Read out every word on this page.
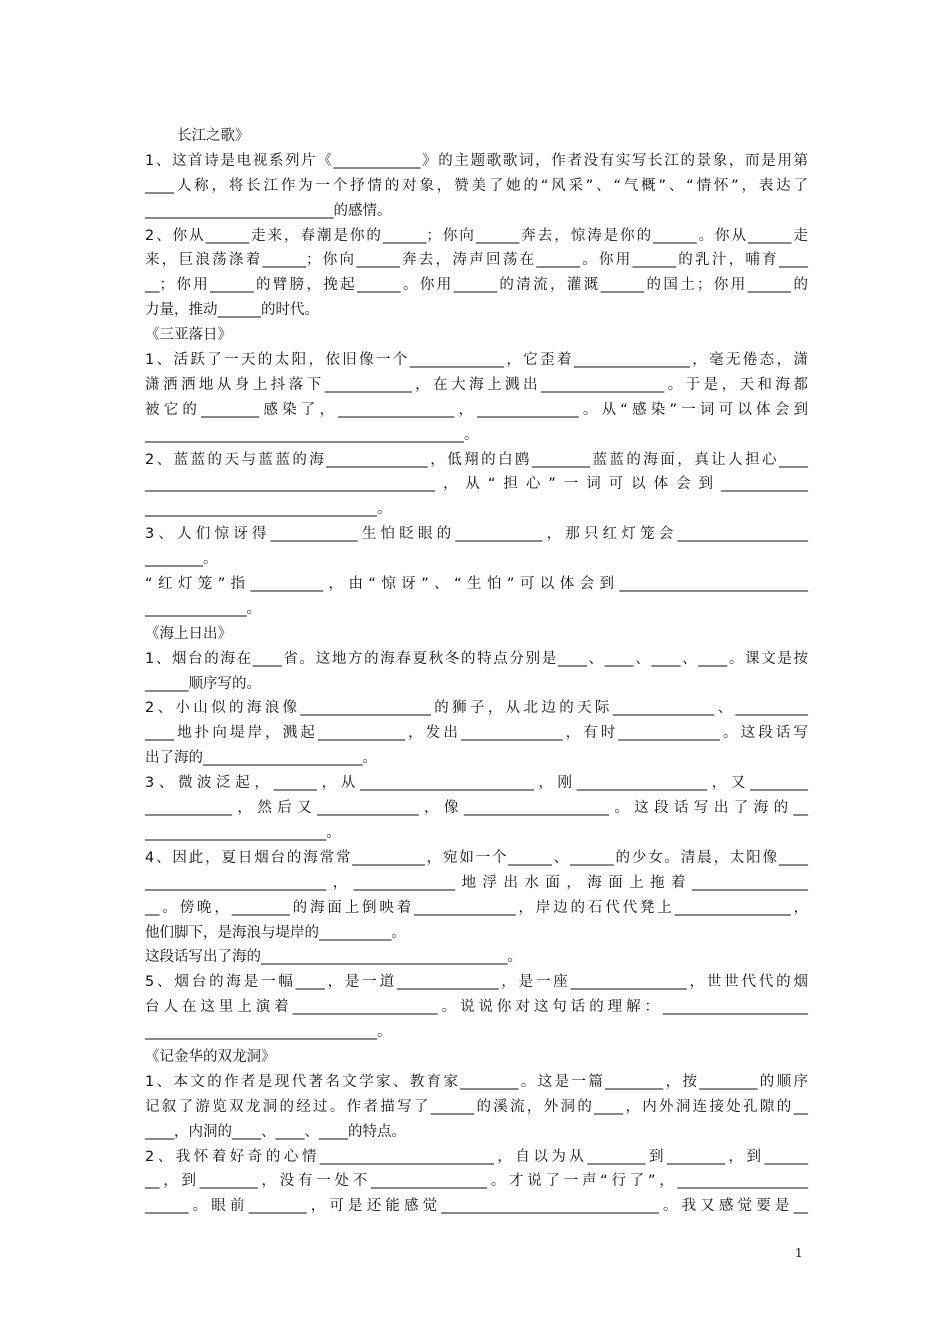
长江之歌》
1、这首诗是电视系列片《____________》的主题歌歌词，作者没有实写长江的景象，而是用第
____人称，将长江作为一个抒情的对象，赞美了她的“风采”、“气概”、“情怀”，表达了
__________________________的感情。
2、你从______走来，春潮是你的______；你向______奔去，惊涛是你的______。你从______走
来，巨浪荡涤着______；你向______奔去，涛声回荡在______。你用______的乳汁，哺育____
__；你用______的臂膀，挽起______。你用______的清流，灌溉______的国土；你用______的
力量，推动______的时代。
《三亚落日》
1、活跃了一天的太阳，依旧像一个_____________，它歪着________________，毫无倦态，潇
潇洒洒地从身上抖落下____________，在大海上溅出_________________。于是，天和海都
被它的________感染了，________________，______________。从“感染”一词可以体会到
____________________________________________。
2、蓝蓝的天与蓝蓝的海______________，低翔的白鸥________蓝蓝的海面，真让人担心____
________________________________________，从“担心”一词可以体会到____________
________________________________。
3、人们惊讶得____________生怕眨眼的____________，那只红灯笼会__________________
________。
“红灯笼”指__________，由“惊讶”、“生怕”可以体会到__________________________
______________。
《海上日出》
1、烟台的海在____省。这地方的海春夏秋冬的特点分别是____、____、____、____。课文是按
______顺序写的。
2、小山似的海浪像__________________的狮子，从北边的天际______________、__________
____地扑向堤岸，溅起____________，发出______________，有时______________。这段话写
出了海的______________________。
3、微波泛起，______，从________________________，刚__________________，又________
____________，然后又______________，像____________________。这段话写出了海的__
_________________________。
4、因此，夏日烟台的海常常__________，宛如一个______、______的少女。清晨，太阳像____
_________________________，______________地浮出水面，海面上拖着________________
__。傍晚，________的海面上倒映着______________，岸边的石代代凳上________________，
他们脚下，是海浪与堤岸的__________。
这段话写出了海的__________________________________。
5、烟台的海是一幅____，是一道______________，是一座________________，世世代代的烟
台人在这里上演着____________________。说说你对这句话的理解：____________________
________________________________。
《记金华的双龙洞》
1、本文的作者是现代著名文学家、教育家________。这是一篇________，按________的顺序
记叙了游览双龙洞的经过。作者描写了______的溪流，外洞的____，内外洞连接处孔隙的__
____，内洞的____、____、____的特点。
2、我怀着好奇的心情________________________，自以为从________到________，到______
__，到________，没有一处不________________。才说了一声“行了”，__________________
______。眼前________，可是还能感觉______________________________。我又感觉要是__
1
